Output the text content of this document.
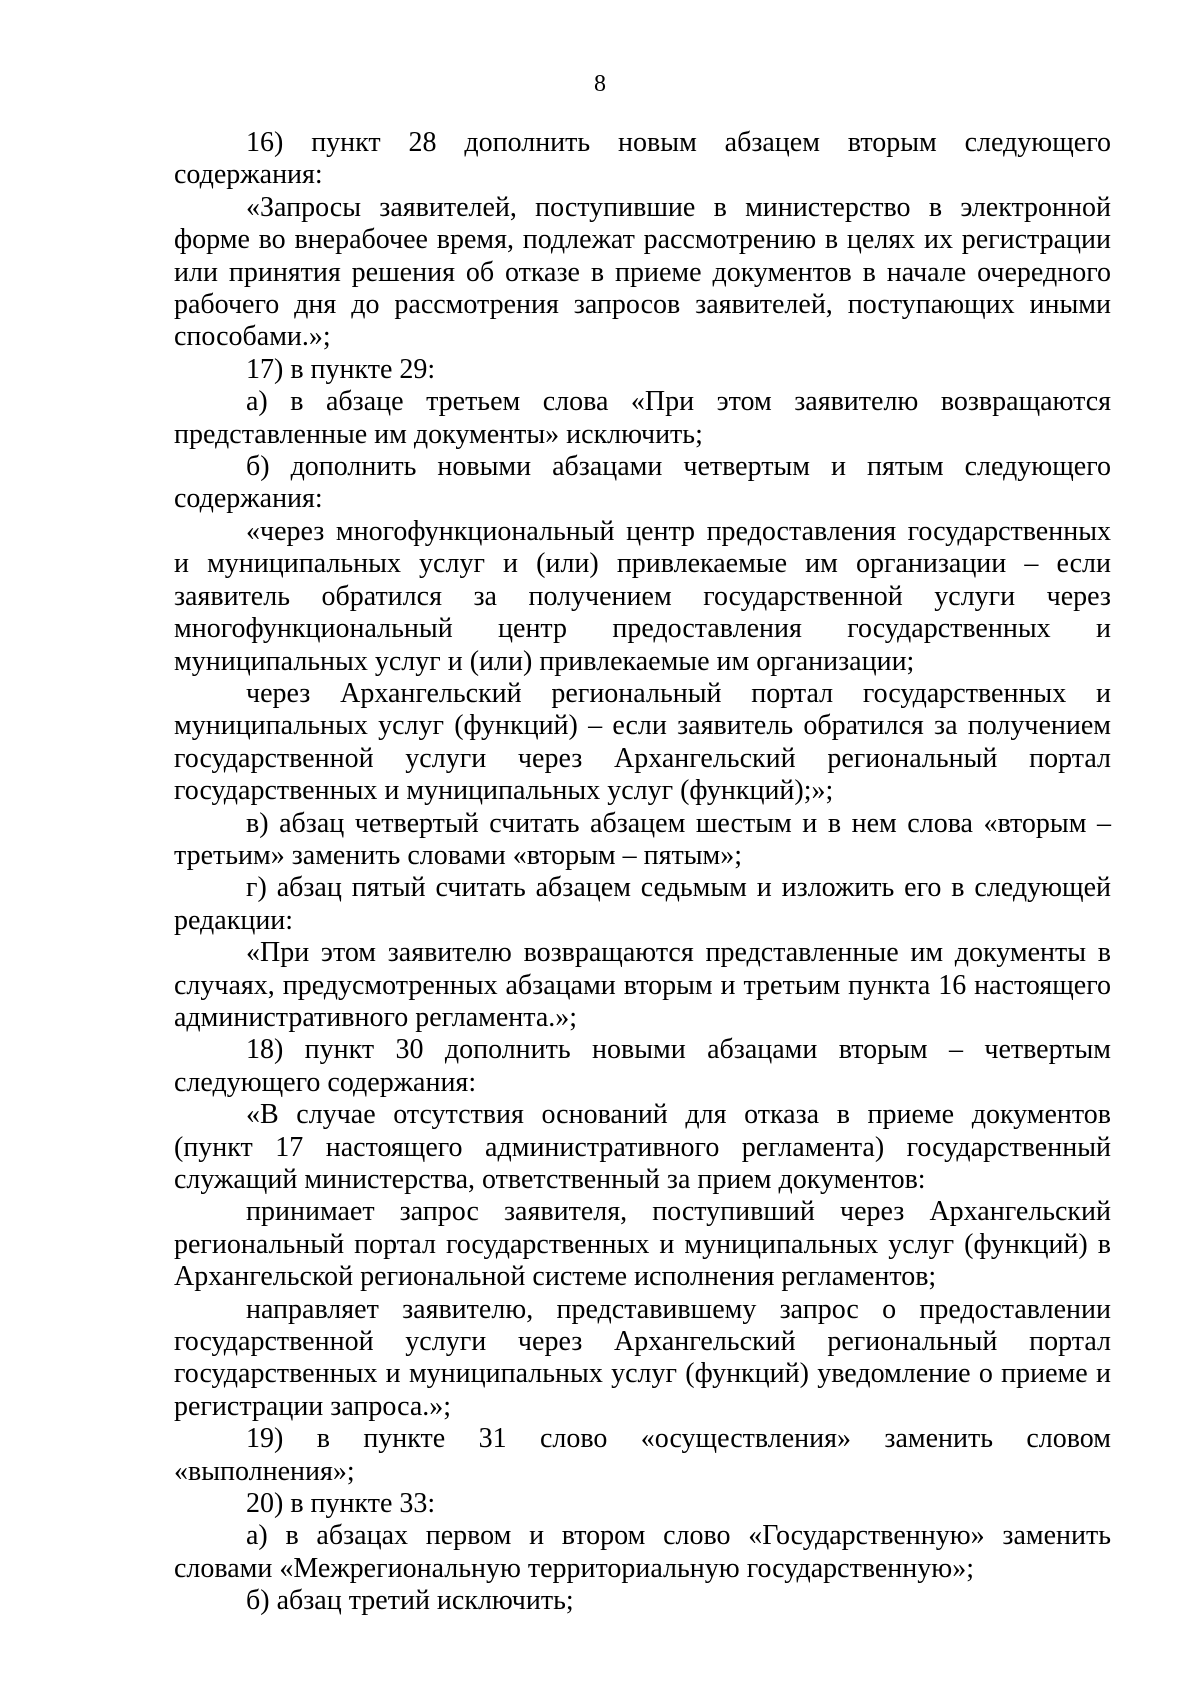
8

16) пункт 28 дополнить новым абзацем вторым следующего содержания:

«Запросы заявителей, поступившие в министерство в электронной форме во внерабочее время, подлежат рассмотрению в целях их регистрации или принятия решения об отказе в приеме документов в начале очередного рабочего дня до рассмотрения запросов заявителей, поступающих иными способами.»;

17) в пункте 29:

а) в абзаце третьем слова «При этом заявителю возвращаются представленные им документы» исключить;

б) дополнить новыми абзацами четвертым и пятым следующего содержания:

«через многофункциональный центр предоставления государственных и муниципальных услуг и (или) привлекаемые им организации – если заявитель обратился за получением государственной услуги через многофункциональный центр предоставления государственных и муниципальных услуг и (или) привлекаемые им организации;

через Архангельский региональный портал государственных и муниципальных услуг (функций) – если заявитель обратился за получением государственной услуги через Архангельский региональный портал государственных и муниципальных услуг (функций);»;

в) абзац четвертый считать абзацем шестым и в нем слова «вторым – третьим» заменить словами «вторым – пятым»;

г) абзац пятый считать абзацем седьмым и изложить его в следующей редакции:

«При этом заявителю возвращаются представленные им документы в случаях, предусмотренных абзацами вторым и третьим пункта 16 настоящего административного регламента.»;

18) пункт 30 дополнить новыми абзацами вторым – четвертым следующего содержания:

«В случае отсутствия оснований для отказа в приеме документов (пункт 17 настоящего административного регламента) государственный служащий министерства, ответственный за прием документов:

принимает запрос заявителя, поступивший через Архангельский региональный портал государственных и муниципальных услуг (функций) в Архангельской региональной системе исполнения регламентов;

направляет заявителю, представившему запрос о предоставлении государственной услуги через Архангельский региональный портал государственных и муниципальных услуг (функций) уведомление о приеме и регистрации запроса.»;

19) в пункте 31 слово «осуществления» заменить словом «выполнения»;

20) в пункте 33:

а) в абзацах первом и втором слово «Государственную» заменить словами «Межрегиональную территориальную государственную»;

б) абзац третий исключить;
